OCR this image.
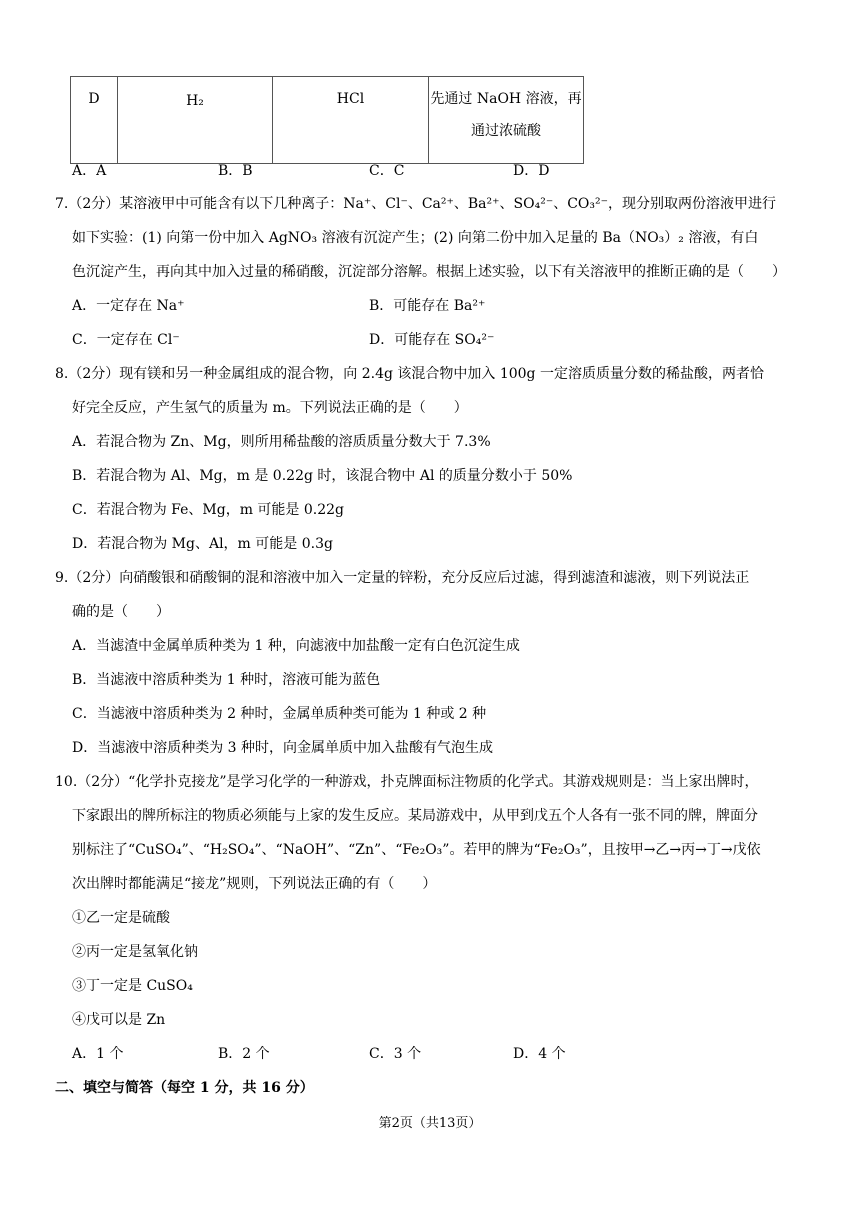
D	H₂	HCl	先通过 NaOH 溶液，再
通过浓硫酸
A．A	B．B	C．C	D．D
7.（2分）某溶液甲中可能含有以下几种离子：Na⁺、Cl⁻、Ca²⁺、Ba²⁺、SO₄²⁻、CO₃²⁻，现分别取两份溶液甲进行
如下实验：(1) 向第一份中加入 AgNO₃ 溶液有沉淀产生；(2) 向第二份中加入足量的 Ba（NO₃）₂ 溶液，有白
色沉淀产生，再向其中加入过量的稀硝酸，沉淀部分溶解。根据上述实验，以下有关溶液甲的推断正确的是（　　）
A．一定存在 Na⁺	B．可能存在 Ba²⁺
C．一定存在 Cl⁻	D．可能存在 SO₄²⁻
8.（2分）现有镁和另一种金属组成的混合物，向 2.4g 该混合物中加入 100g 一定溶质质量分数的稀盐酸，两者恰
好完全反应，产生氢气的质量为 m。下列说法正确的是（　　）
A．若混合物为 Zn、Mg，则所用稀盐酸的溶质质量分数大于 7.3%
B．若混合物为 Al、Mg，m 是 0.22g 时，该混合物中 Al 的质量分数小于 50%
C．若混合物为 Fe、Mg，m 可能是 0.22g
D．若混合物为 Mg、Al，m 可能是 0.3g
9.（2分）向硝酸银和硝酸铜的混和溶液中加入一定量的锌粉，充分反应后过滤，得到滤渣和滤液，则下列说法正
确的是（　　）
A．当滤渣中金属单质种类为 1 种，向滤液中加盐酸一定有白色沉淀生成
B．当滤液中溶质种类为 1 种时，溶液可能为蓝色
C．当滤液中溶质种类为 2 种时，金属单质种类可能为 1 种或 2 种
D．当滤液中溶质种类为 3 种时，向金属单质中加入盐酸有气泡生成
10.（2分）“化学扑克接龙”是学习化学的一种游戏，扑克牌面标注物质的化学式。其游戏规则是：当上家出牌时，
下家跟出的牌所标注的物质必须能与上家的发生反应。某局游戏中，从甲到戊五个人各有一张不同的牌，牌面分
别标注了“CuSO₄”、“H₂SO₄”、“NaOH”、“Zn”、“Fe₂O₃”。若甲的牌为“Fe₂O₃”，且按甲→乙→丙→丁→戊依
次出牌时都能满足“接龙”规则，下列说法正确的有（　　）
①乙一定是硫酸
②丙一定是氢氧化钠
③丁一定是 CuSO₄
④戊可以是 Zn
A．1 个	B．2 个	C．3 个	D．4 个
二、填空与简答（每空 1 分，共 16 分）
第2页（共13页）
